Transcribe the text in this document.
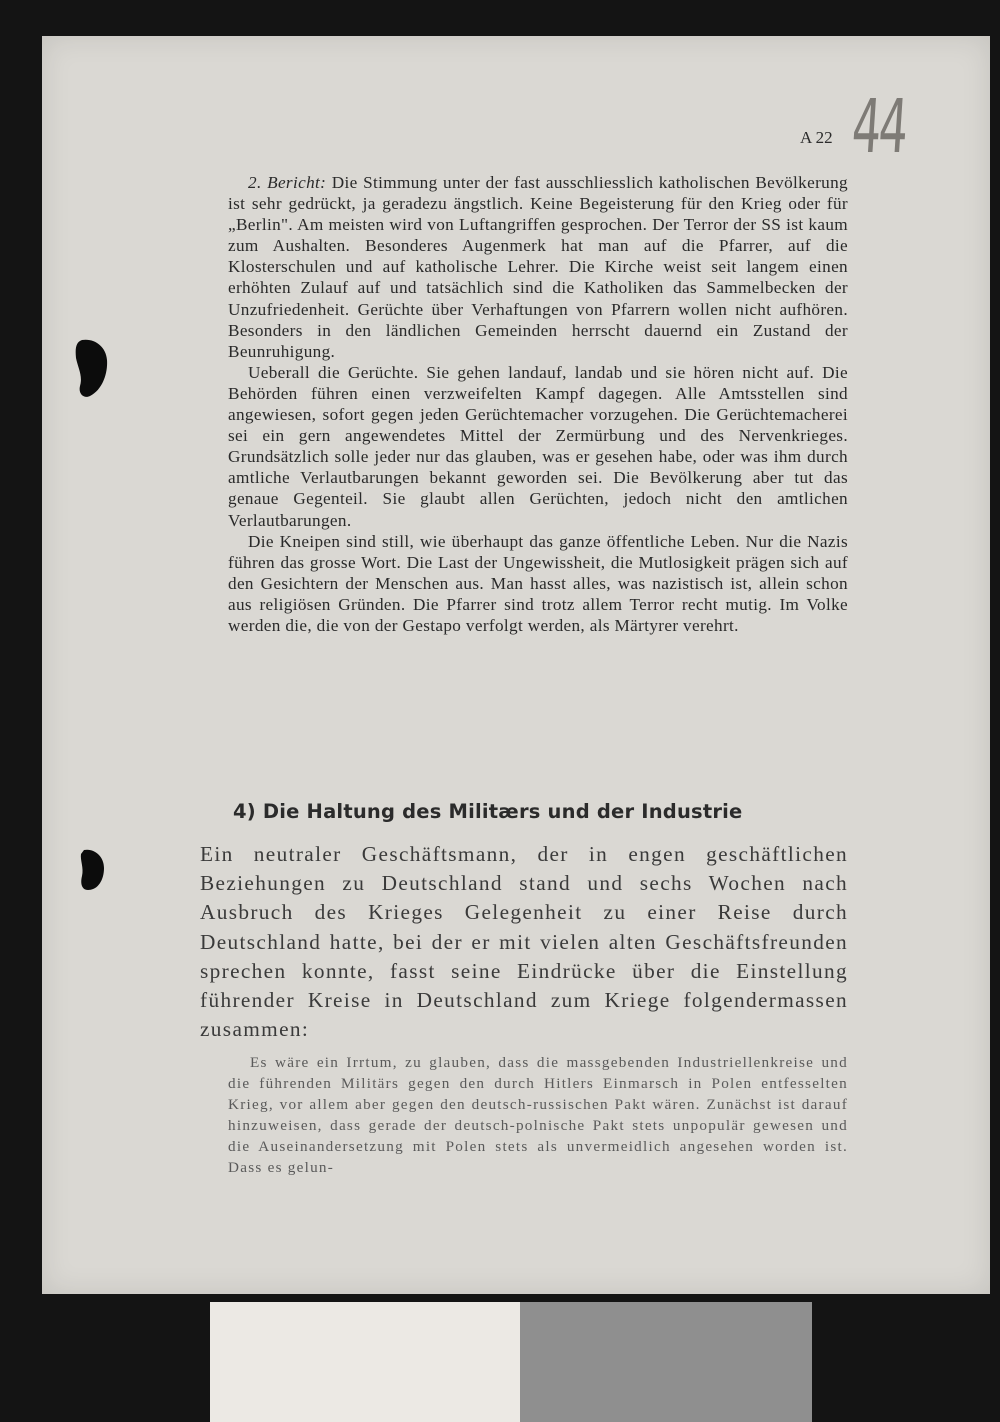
A 22 44

2. Bericht: Die Stimmung unter der fast ausschliesslich katholischen Bevölkerung ist sehr gedrückt, ja geradezu ängstlich. Keine Begeisterung für den Krieg oder für „Berlin". Am meisten wird von Luftangriffen gesprochen. Der Terror der SS ist kaum zum Aushalten. Besonderes Augenmerk hat man auf die Pfarrer, auf die Klosterschulen und auf katholische Lehrer. Die Kirche weist seit langem einen erhöhten Zulauf auf und tatsächlich sind die Katholiken das Sammelbecken der Unzufriedenheit. Gerüchte über Verhaftungen von Pfarrern wollen nicht aufhören. Besonders in den ländlichen Gemeinden herrscht dauernd ein Zustand der Beunruhigung.

Ueberall die Gerüchte. Sie gehen landauf, landab und sie hören nicht auf. Die Behörden führen einen verzweifelten Kampf dagegen. Alle Amtsstellen sind angewiesen, sofort gegen jeden Gerüchtemacher vorzugehen. Die Gerüchtemacherei sei ein gern angewendetes Mittel der Zermürbung und des Nervenkrieges. Grundsätzlich solle jeder nur das glauben, was er gesehen habe, oder was ihm durch amtliche Verlautbarungen bekannt geworden sei. Die Bevölkerung aber tut das genaue Gegenteil. Sie glaubt allen Gerüchten, jedoch nicht den amtlichen Verlautbarungen.

Die Kneipen sind still, wie überhaupt das ganze öffentliche Leben. Nur die Nazis führen das grosse Wort. Die Last der Ungewissheit, die Mutlosigkeit prägen sich auf den Gesichtern der Menschen aus. Man hasst alles, was nazistisch ist, allein schon aus religiösen Gründen. Die Pfarrer sind trotz allem Terror recht mutig. Im Volke werden die, die von der Gestapo verfolgt werden, als Märtyrer verehrt.

4) Die Haltung des Militærs und der Industrie

Ein neutraler Geschäftsmann, der in engen geschäftlichen Beziehungen zu Deutschland stand und sechs Wochen nach Ausbruch des Krieges Gelegenheit zu einer Reise durch Deutschland hatte, bei der er mit vielen alten Geschäftsfreunden sprechen konnte, fasst seine Eindrücke über die Einstellung führender Kreise in Deutschland zum Kriege folgendermassen zusammen:

Es wäre ein Irrtum, zu glauben, dass die massgebenden Industriellenkreise und die führenden Militärs gegen den durch Hitlers Einmarsch in Polen entfesselten Krieg, vor allem aber gegen den deutsch-russischen Pakt wären. Zunächst ist darauf hinzuweisen, dass gerade der deutsch-polnische Pakt stets unpopulär gewesen und die Auseinandersetzung mit Polen stets als unvermeidlich angesehen worden ist. Dass es gelun-
